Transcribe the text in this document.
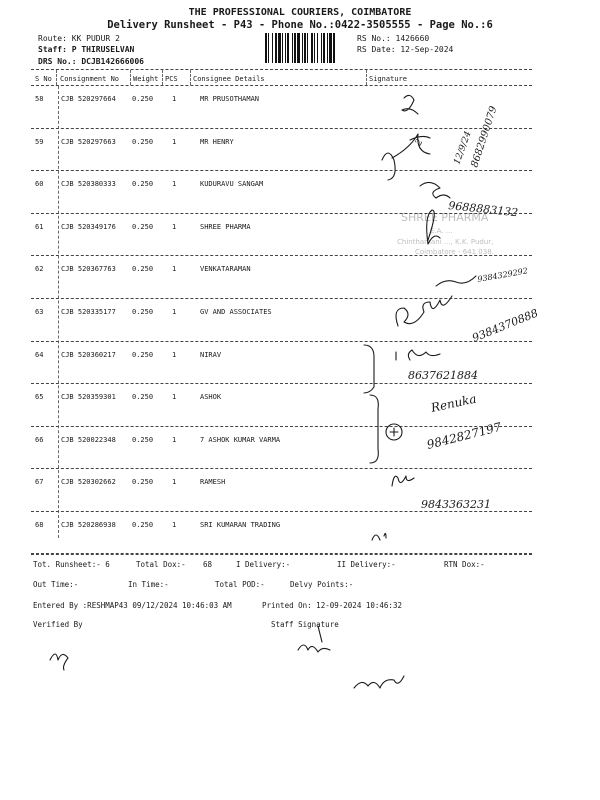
THE PROFESSIONAL COURIERS, COIMBATORE
Delivery Runsheet - P43 - Phone No.:0422-3505555 - Page No.:6
Route: KK PUDUR 2
Staff: P THIRUSELVAN
DRS No.: DCJB142666006
RS No.: 1426660
RS Date: 12-Sep-2024
S No Consignment No Weight PCS Consignee Details	Signature
58	CJB 520297664 0.250	1	MR PRUSOTHAMAN
59	CJB 520297663 0.250	1	MR HENRY
60	CJB 520380333 0.250	1	KUDURAVU SANGAM
61	CJB 520349176 0.250	1	SHREE PHARMA
62	CJB 520367763 0.250	1	VENKATARAMAN
63	CJB 520335177 0.250	1	GV AND ASSOCIATES
64	CJB 520360217 0.250	1	NIRAV
65	CJB 520359301 0.250	1	ASHOK
66	CJB 520022348 0.250	1	7 ASHOK KUMAR VARMA
67	CJB 520302662 0.250	1	RAMESH
68	CJB 520286938 0.250	1	SRI KUMARAN TRADING
2	12/9/24
8682990079
9688883132
SHREE PHARMA
E.A. ...
Chinthamani ..., K.K. Pudur,
Coimbatore - 641 038.
9384329292
9384370888
8637621884
Renuka
9842827197
9843363231
Tot. Runsheet:- 6	Total Dox:- 68	I Delivery:-	II Delivery:-	RTN Dox:-
Out Time:-	In Time:-	Total POD:-	Delvy Points:-
Entered By :RESHMAP43 09/12/2024 10:46:03 AM	Printed On: 12-09-2024 10:46:32
Verified By	Staff Signature
